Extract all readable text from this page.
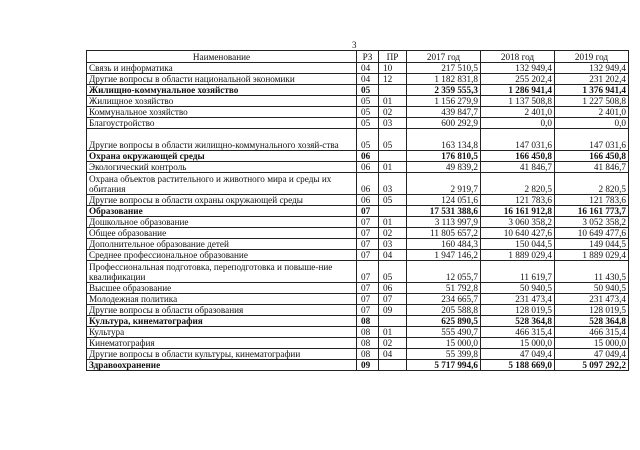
3
Наименование	РЗ	ПР	2017 год	2018 год	2019 год
Связь и информатика	04	10	217 510,5	132 949,4	132 949,4
Другие вопросы в области национальной экономики	04	12	1 182 831,8	255 202,4	231 202,4
Жилищно-коммунальное хозяйство	05		2 359 555,3	1 286 941,4	1 376 941,4
Жилищное хозяйство	05	01	1 156 279,9	1 137 508,8	1 227 508,8
Коммунальное хозяйство	05	02	439 847,7	2 401,0	2 401,0
Благоустройство	05	03	600 292,9	0,0	0,0
Другие вопросы в области жилищно-коммунального хозяй-ства	05	05	163 134,8	147 031,6	147 031,6
Охрана окружающей среды	06		176 810,5	166 450,8	166 450,8
Экологический контроль	06	01	49 839,2	41 846,7	41 846,7
Охрана объектов растительного и животного мира и среды их обитания	06	03	2 919,7	2 820,5	2 820,5
Другие вопросы в области охраны окружающей среды	06	05	124 051,6	121 783,6	121 783,6
Образование	07		17 531 388,6	16 161 912,8	16 161 773,7
Дошкольное образование	07	01	3 113 997,9	3 060 358,2	3 052 358,2
Общее образование	07	02	11 805 657,2	10 640 427,6	10 649 477,6
Дополнительное образование детей	07	03	160 484,3	150 044,5	149 044,5
Среднее профессиональное образование	07	04	1 947 146,2	1 889 029,4	1 889 029,4
Профессиональная подготовка, переподготовка и повыше-ние квалификации	07	05	12 055,7	11 619,7	11 430,5
Высшее образование	07	06	51 792,8	50 940,5	50 940,5
Молодежная политика	07	07	234 665,7	231 473,4	231 473,4
Другие вопросы в области образования	07	09	205 588,8	128 019,5	128 019,5
Культура, кинематография	08		625 890,5	528 364,8	528 364,8
Культура	08	01	555 490,7	466 315,4	466 315,4
Кинематография	08	02	15 000,0	15 000,0	15 000,0
Другие вопросы в области культуры, кинематографии	08	04	55 399,8	47 049,4	47 049,4
Здравоохранение	09		5 717 994,6	5 188 669,0	5 097 292,2
